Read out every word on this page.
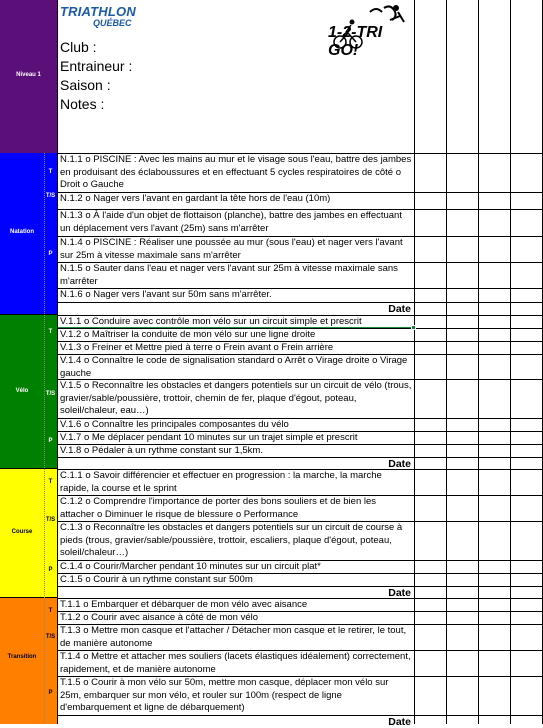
Niveau 1
TRIATHLON
QUÉBEC
1-2-TRI GO!
Club :
Entraineur :
Saison :
Notes :
Natation
T
T/S
P
N.1.1 o PISCINE : Avec les mains au mur et le visage sous l'eau, battre des jambes en produisant des éclaboussures et en effectuant 5 cycles respiratoires de côté o Droit o Gauche
N.1.2 o Nager vers l'avant en gardant la tête hors de l'eau (10m)
N.1.3 o À l'aide d'un objet de flottaison (planche), battre des jambes en effectuant un déplacement vers l'avant (25m) sans m'arrêter
N.1.4 o PISCINE : Réaliser une poussée au mur (sous l'eau) et nager vers l'avant sur 25m à vitesse maximale sans m'arrêter
N.1.5 o Sauter dans l'eau et nager vers l'avant sur 25m à vitesse maximale sans m'arrêter
N.1.6 o Nager vers l'avant sur 50m sans m'arrêter.
Date
Vélo
T
T/S
P
V.1.1 o Conduire avec contrôle mon vélo sur un circuit simple et prescrit
V.1.2 o Maîtriser la conduite de mon vélo sur une ligne droite
V.1.3 o Freiner et Mettre pied à terre o Frein avant o Frein arrière
V.1.4 o Connaître le code de signalisation standard o Arrêt o Virage droite o Virage gauche
V.1.5 o Reconnaître les obstacles et dangers potentiels sur un circuit de vélo (trous, gravier/sable/poussière, trottoir, chemin de fer, plaque d'égout, poteau, soleil/chaleur, eau…)
V.1.6 o Connaître les principales composantes du vélo
V.1.7 o Me déplacer pendant 10 minutes sur un trajet simple et prescrit
V.1.8 o Pédaler à un rythme constant sur 1,5km.
Date
Course
T
T/S
P
C.1.1 o Savoir différencier et effectuer en progression : la marche, la marche rapide, la course et le sprint
C.1.2 o Comprendre l'importance de porter des bons souliers et de bien les attacher o Diminuer le risque de blessure o Performance
C.1.3 o Reconnaître les obstacles et dangers potentiels sur un circuit de course à pieds (trous, gravier/sable/poussière, trottoir, escaliers, plaque d'égout, poteau, soleil/chaleur…)
C.1.4 o Courir/Marcher pendant 10 minutes sur un circuit plat*
C.1.5 o Courir à un rythme constant sur 500m
Date
Transition
T
T/S
P
T.1.1 o Embarquer et débarquer de mon vélo avec aisance
T.1.2 o Courir avec aisance à côté de mon vélo
T.1.3 o Mettre mon casque et l'attacher / Détacher mon casque et le retirer, le tout, de manière autonome
T.1.4 o Mettre et attacher mes souliers (lacets élastiques idéalement) correctement, rapidement, et de manière autonome
T.1.5 o Courir à mon vélo sur 50m, mettre mon casque, déplacer mon vélo sur 25m, embarquer sur mon vélo, et rouler sur 100m (respect de ligne d'embarquement et ligne de débarquement)
Date
